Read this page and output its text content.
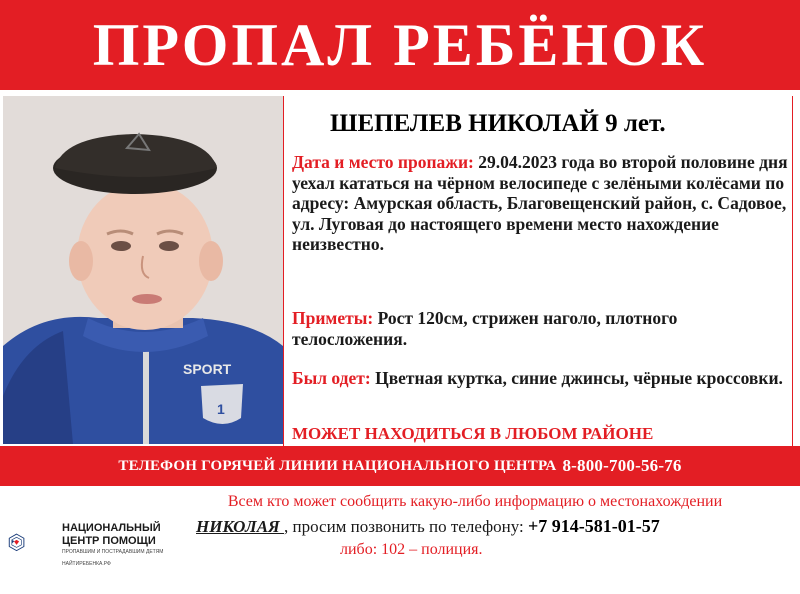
ПРОПАЛ РЕБЁНОК
SPORT
1
ШЕПЕЛЕВ НИКОЛАЙ 9 лет.
Дата и место пропажи: 29.04.2023 года во второй половине дня уехал кататься на чёрном велосипеде с зелёными колёсами по адресу: Амурская область, Благовещенский район, с. Садовое, ул. Луговая до настоящего времени место нахождение неизвестно.
Приметы: Рост 120см, стрижен наголо, плотного телосложения.
Был одет: Цветная куртка, синие джинсы, чёрные кроссовки.
МОЖЕТ НАХОДИТЬСЯ В ЛЮБОМ РАЙОНЕ
ТЕЛЕФОН ГОРЯЧЕЙ ЛИНИИ НАЦИОНАЛЬНОГО ЦЕНТРА 8-800-700-56-76
НАЦИОНАЛЬНЫЙ ЦЕНТР ПОМОЩИ
ПРОПАВШИМ И ПОСТРАДАВШИМ ДЕТЯМ
НАЙТИРЕБЕНКА.РФ
Всем кто может сообщить какую-либо информацию о местонахождении
НИКОЛАЯ , просим позвонить по телефону: +7 914-581-01-57
либо: 102 – полиция.
